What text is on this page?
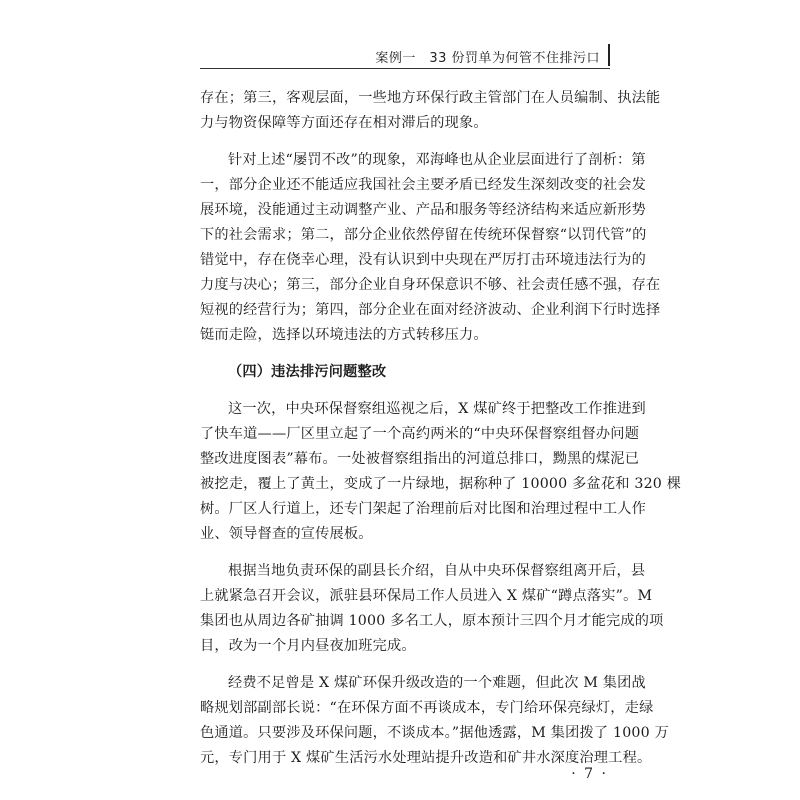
案例一　33 份罚单为何管不住排污口
存在；第三，客观层面，一些地方环保行政主管部门在人员编制、执法能
力与物资保障等方面还存在相对滞后的现象。
针对上述“屡罚不改”的现象，邓海峰也从企业层面进行了剖析：第
一，部分企业还不能适应我国社会主要矛盾已经发生深刻改变的社会发
展环境，没能通过主动调整产业、产品和服务等经济结构来适应新形势
下的社会需求；第二，部分企业依然停留在传统环保督察“以罚代管”的
错觉中，存在侥幸心理，没有认识到中央现在严厉打击环境违法行为的
力度与决心；第三，部分企业自身环保意识不够、社会责任感不强，存在
短视的经营行为；第四，部分企业在面对经济波动、企业利润下行时选择
铤而走险，选择以环境违法的方式转移压力。
（四）违法排污问题整改
这一次，中央环保督察组巡视之后，X 煤矿终于把整改工作推进到
了快车道——厂区里立起了一个高约两米的“中央环保督察组督办问题
整改进度图表”幕布。一处被督察组指出的河道总排口，黝黑的煤泥已
被挖走，覆上了黄土，变成了一片绿地，据称种了 10000 多盆花和 320 棵
树。厂区人行道上，还专门架起了治理前后对比图和治理过程中工人作
业、领导督查的宣传展板。
根据当地负责环保的副县长介绍，自从中央环保督察组离开后，县
上就紧急召开会议，派驻县环保局工作人员进入 X 煤矿“蹲点落实”。M
集团也从周边各矿抽调 1000 多名工人，原本预计三四个月才能完成的项
目，改为一个月内昼夜加班完成。
经费不足曾是 X 煤矿环保升级改造的一个难题，但此次 M 集团战
略规划部副部长说：“在环保方面不再谈成本，专门给环保亮绿灯，走绿
色通道。只要涉及环保问题，不谈成本。”据他透露，M 集团拨了 1000 万
元，专门用于 X 煤矿生活污水处理站提升改造和矿井水深度治理工程。
· 7 ·
